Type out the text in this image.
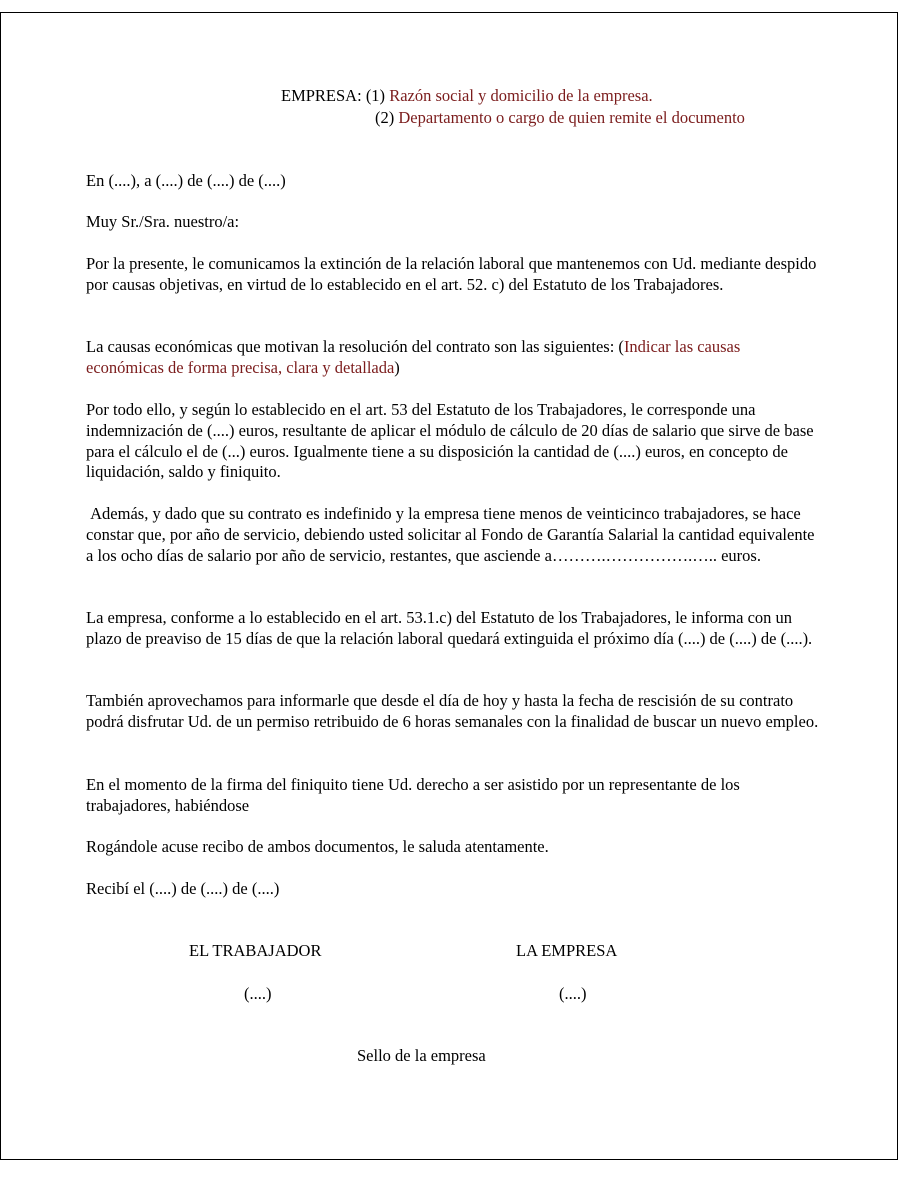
EMPRESA: (1) Razón social y domicilio de la empresa.
(2) Departamento o cargo de quien remite el documento

En (....), a (....) de (....) de (....)

Muy Sr./Sra. nuestro/a:

Por la presente, le comunicamos la extinción de la relación laboral que mantenemos con Ud. mediante despido por causas objetivas, en virtud de lo establecido en el art. 52. c) del Estatuto de los Trabajadores.

La causas económicas que motivan la resolución del contrato son las siguientes: (Indicar las causas económicas de forma precisa, clara y detallada)

Por todo ello, y según lo establecido en el art. 53 del Estatuto de los Trabajadores, le corresponde una indemnización de (....) euros, resultante de aplicar el módulo de cálculo de 20 días de salario que sirve de base para el cálculo el de (...) euros. Igualmente tiene a su disposición la cantidad de (....) euros, en concepto de liquidación, saldo y finiquito.

Además, y dado que su contrato es indefinido y la empresa tiene menos de veinticinco trabajadores, se hace constar que, por año de servicio, debiendo usted solicitar al Fondo de Garantía Salarial la cantidad equivalente a los ocho días de salario por año de servicio, restantes, que asciende a……….…………….….. euros.

La empresa, conforme a lo establecido en el art. 53.1.c) del Estatuto de los Trabajadores, le informa con un plazo de preaviso de 15 días de que la relación laboral quedará extinguida el próximo día (....) de (....) de (....).

También aprovechamos para informarle que desde el día de hoy y hasta la fecha de rescisión de su contrato podrá disfrutar Ud. de un permiso retribuido de 6 horas semanales con la finalidad de buscar un nuevo empleo.

En el momento de la firma del finiquito tiene Ud. derecho a ser asistido por un representante de los trabajadores, habiéndose

Rogándole acuse recibo de ambos documentos, le saluda atentamente.

Recibí el (....) de (....) de (....)

EL TRABAJADOR	LA EMPRESA
(....)	(....)
Sello de la empresa
